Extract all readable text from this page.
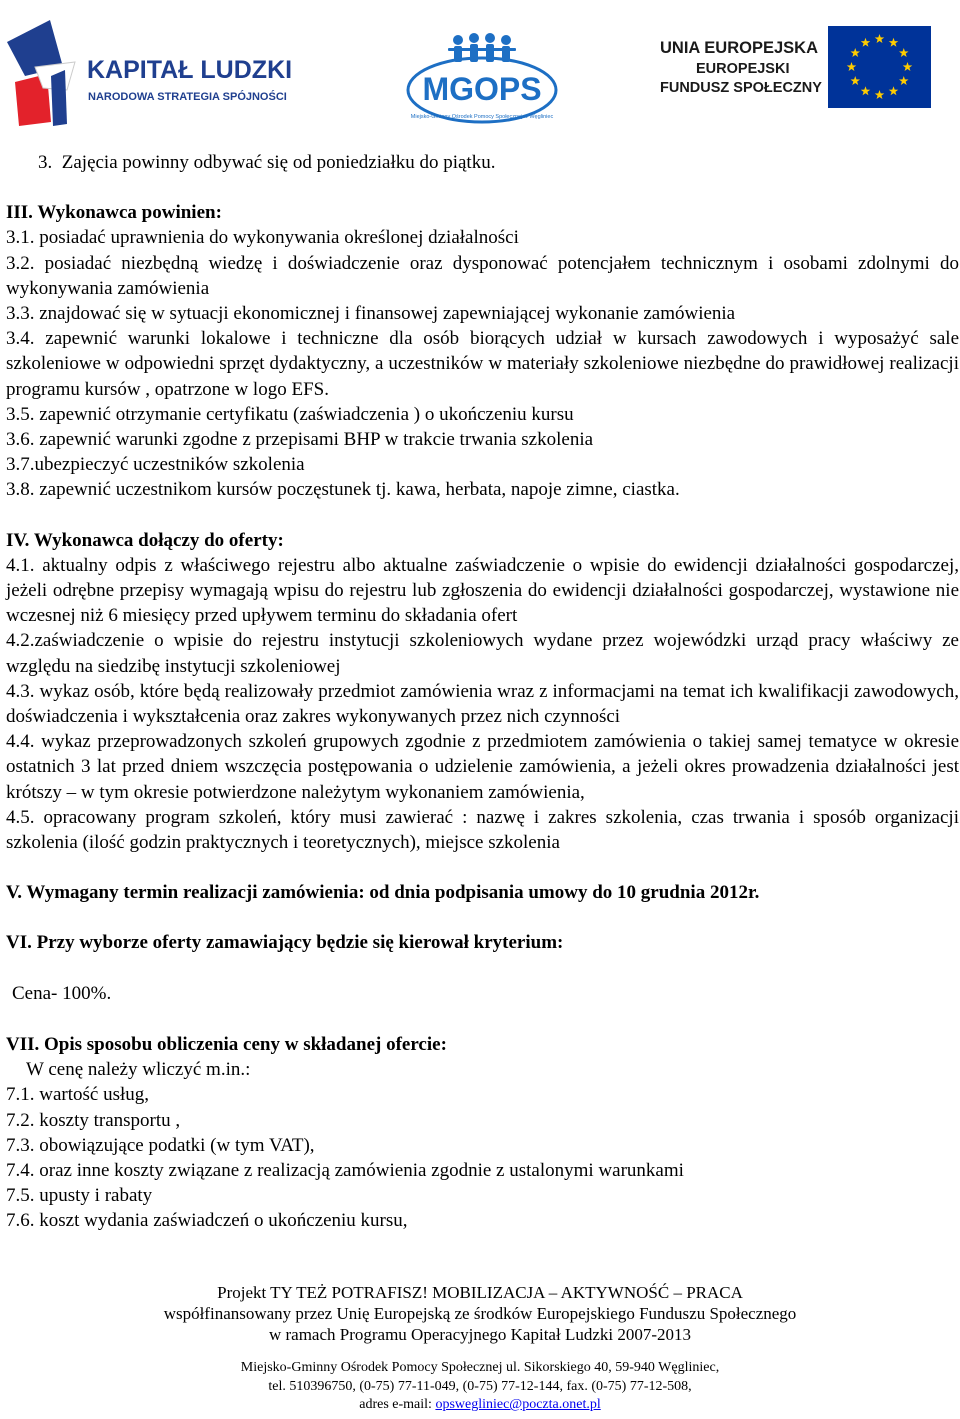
KAPITAŁ LUDZKI
NARODOWA STRATEGIA SPÓJNOŚCI	MGOPS
Miejsko-Gminny Ośrodek Pomocy Społecznej w Węgliniec
UNIA EUROPEJSKA
EUROPEJSKI
FUNDUSZ SPOŁECZNY

3.  Zajęcia powinny odbywać się od poniedziałku do piątku.

III. Wykonawca powinien:

3.1. posiadać uprawnienia do wykonywania określonej działalności

3.2. posiadać niezbędną wiedzę i doświadczenie oraz dysponować potencjałem technicznym i osobami zdolnymi do wykonywania zamówienia

3.3. znajdować się w sytuacji ekonomicznej i finansowej zapewniającej wykonanie zamówienia

3.4. zapewnić warunki lokalowe i techniczne dla osób biorących udział w kursach zawodowych i wyposażyć sale szkoleniowe w odpowiedni sprzęt dydaktyczny, a uczestników w materiały szkoleniowe niezbędne do prawidłowej realizacji programu kursów , opatrzone w logo EFS.

3.5. zapewnić otrzymanie certyfikatu (zaświadczenia ) o ukończeniu kursu

3.6. zapewnić warunki zgodne z przepisami BHP w trakcie trwania szkolenia

3.7.ubezpieczyć uczestników szkolenia

3.8. zapewnić uczestnikom kursów poczęstunek tj. kawa, herbata, napoje zimne, ciastka.

IV. Wykonawca dołączy do oferty:

4.1. aktualny odpis z właściwego rejestru albo aktualne zaświadczenie o wpisie do ewidencji działalności gospodarczej, jeżeli odrębne przepisy wymagają wpisu do rejestru lub zgłoszenia do ewidencji działalności gospodarczej, wystawione nie wczesnej niż 6 miesięcy przed upływem terminu do składania ofert

4.2.zaświadczenie o wpisie do rejestru instytucji szkoleniowych wydane przez wojewódzki urząd pracy właściwy ze względu na siedzibę instytucji szkoleniowej

4.3. wykaz osób, które będą realizowały przedmiot zamówienia wraz z informacjami na temat ich kwalifikacji zawodowych, doświadczenia i wykształcenia oraz zakres wykonywanych przez nich czynności

4.4. wykaz przeprowadzonych szkoleń grupowych zgodnie z przedmiotem zamówienia o takiej samej tematyce w okresie ostatnich 3 lat przed dniem wszczęcia postępowania o udzielenie zamówienia, a jeżeli okres prowadzenia działalności jest krótszy – w tym okresie potwierdzone należytym wykonaniem zamówienia,

4.5. opracowany program szkoleń, który musi zawierać : nazwę i zakres szkolenia, czas trwania i sposób organizacji szkolenia (ilość godzin praktycznych i teoretycznych), miejsce szkolenia

V. Wymagany termin realizacji zamówienia: od dnia podpisania umowy do 10 grudnia 2012r.

VI. Przy wyborze oferty zamawiający będzie się kierował kryterium:

Cena- 100%.

VII. Opis sposobu obliczenia ceny w składanej ofercie:

W cenę należy wliczyć m.in.:

7.1. wartość usług,

7.2. koszty transportu ,

7.3. obowiązujące podatki (w tym VAT),

7.4. oraz inne koszty związane z realizacją zamówienia zgodnie z ustalonymi warunkami

7.5. upusty i rabaty

7.6. koszt wydania zaświadczeń o ukończeniu kursu,

Projekt TY TEŻ POTRAFISZ! MOBILIZACJA – AKTYWNOŚĆ – PRACA
współfinansowany przez Unię Europejską ze środków Europejskiego Funduszu Społecznego
w ramach Programu Operacyjnego Kapitał Ludzki 2007-2013
Miejsko-Gminny Ośrodek Pomocy Społecznej ul. Sikorskiego 40, 59-940 Węgliniec,
tel. 510396750, (0-75) 77-11-049, (0-75) 77-12-144, fax. (0-75) 77-12-508,
adres e-mail: opswegliniec@poczta.onet.pl
